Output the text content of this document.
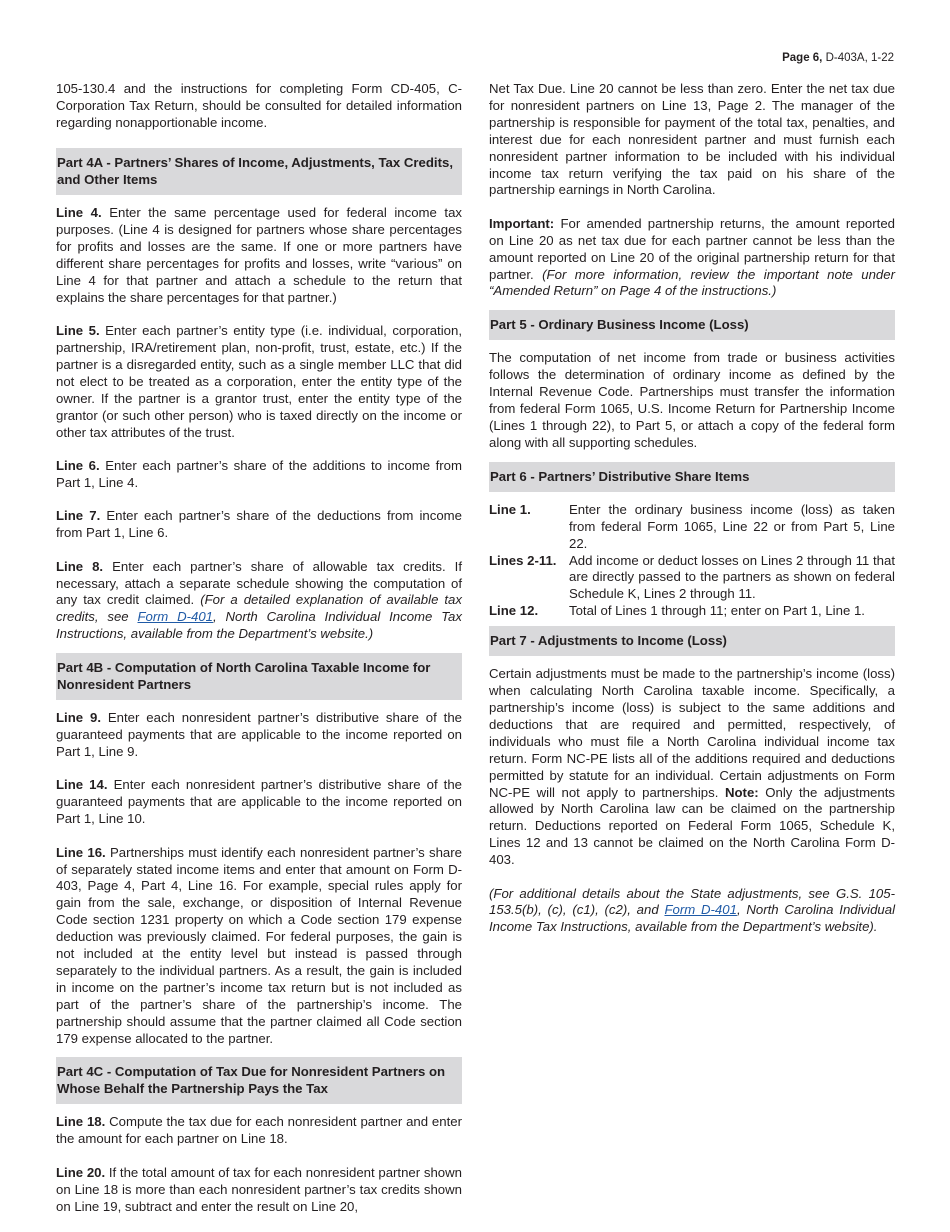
Page 6, D-403A, 1-22

105-130.4 and the instructions for completing Form CD-405, C-Corporation Tax Return, should be consulted for detailed information regarding nonapportionable income.

Part 4A - Partners’ Shares of Income, Adjustments, Tax Credits, and Other Items

Line 4. Enter the same percentage used for federal income tax purposes. (Line 4 is designed for partners whose share percentages for profits and losses are the same. If one or more partners have different share percentages for profits and losses, write “various” on Line 4 for that partner and attach a schedule to the return that explains the share percentages for that partner.)

Line 5. Enter each partner’s entity type (i.e. individual, corporation, partnership, IRA/retirement plan, non-profit, trust, estate, etc.) If the partner is a disregarded entity, such as a single member LLC that did not elect to be treated as a corporation, enter the entity type of the owner. If the partner is a grantor trust, enter the entity type of the grantor (or such other person) who is taxed directly on the income or other tax attributes of the trust.

Line 6. Enter each partner’s share of the additions to income from Part 1, Line 4.

Line 7. Enter each partner’s share of the deductions from income from Part 1, Line 6.

Line 8. Enter each partner’s share of allowable tax credits. If necessary, attach a separate schedule showing the computation of any tax credit claimed. (For a detailed explanation of available tax credits, see Form D-401, North Carolina Individual Income Tax Instructions, available from the Department’s website.)

Part 4B - Computation of North Carolina Taxable Income for Nonresident Partners

Line 9. Enter each nonresident partner’s distributive share of the guaranteed payments that are applicable to the income reported on Part 1, Line 9.

Line 14. Enter each nonresident partner’s distributive share of the guaranteed payments that are applicable to the income reported on Part 1, Line 10.

Line 16. Partnerships must identify each nonresident partner’s share of separately stated income items and enter that amount on Form D-403, Page 4, Part 4, Line 16. For example, special rules apply for gain from the sale, exchange, or disposition of Internal Revenue Code section 1231 property on which a Code section 179 expense deduction was previously claimed. For federal purposes, the gain is not included at the entity level but instead is passed through separately to the individual partners. As a result, the gain is included in income on the partner’s income tax return but is not included as part of the partner’s share of the partnership’s income. The partnership should assume that the partner claimed all Code section 179 expense allocated to the partner.

Part 4C - Computation of Tax Due for Nonresident Partners on Whose Behalf the Partnership Pays the Tax

Line 18. Compute the tax due for each nonresident partner and enter the amount for each partner on Line 18.

Line 20. If the total amount of tax for each nonresident partner shown on Line 18 is more than each nonresident partner’s tax credits shown on Line 19, subtract and enter the result on Line 20,

Net Tax Due. Line 20 cannot be less than zero. Enter the net tax due for nonresident partners on Line 13, Page 2. The manager of the partnership is responsible for payment of the total tax, penalties, and interest due for each nonresident partner and must furnish each nonresident partner information to be included with his individual income tax return verifying the tax paid on his share of the partnership earnings in North Carolina.

Important: For amended partnership returns, the amount reported on Line 20 as net tax due for each partner cannot be less than the amount reported on Line 20 of the original partnership return for that partner. (For more information, review the important note under “Amended Return” on Page 4 of the instructions.)

Part 5 - Ordinary Business Income (Loss)

The computation of net income from trade or business activities follows the determination of ordinary income as defined by the Internal Revenue Code. Partnerships must transfer the information from federal Form 1065, U.S. Income Return for Partnership Income (Lines 1 through 22), to Part 5, or attach a copy of the federal form along with all supporting schedules.

Part 6 - Partners’ Distributive Share Items
Line 1.	Enter the ordinary business income (loss) as taken from federal Form 1065, Line 22 or from Part 5, Line 22.
Lines 2-11. Add income or deduct losses on Lines 2 through 11 that are directly passed to the partners as shown on federal Schedule K, Lines 2 through 11.
Line 12.	Total of Lines 1 through 11; enter on Part 1, Line 1.
Part 7 - Adjustments to Income (Loss)

Certain adjustments must be made to the partnership’s income (loss) when calculating North Carolina taxable income. Specifically, a partnership’s income (loss) is subject to the same additions and deductions that are required and permitted, respectively, of individuals who must file a North Carolina individual income tax return. Form NC-PE lists all of the additions required and deductions permitted by statute for an individual. Certain adjustments on Form NC-PE will not apply to partnerships. Note: Only the adjustments allowed by North Carolina law can be claimed on the partnership return. Deductions reported on Federal Form 1065, Schedule K, Lines 12 and 13 cannot be claimed on the North Carolina Form D-403.

(For additional details about the State adjustments, see G.S. 105-153.5(b), (c), (c1), (c2), and Form D-401, North Carolina Individual Income Tax Instructions, available from the Department’s website).
